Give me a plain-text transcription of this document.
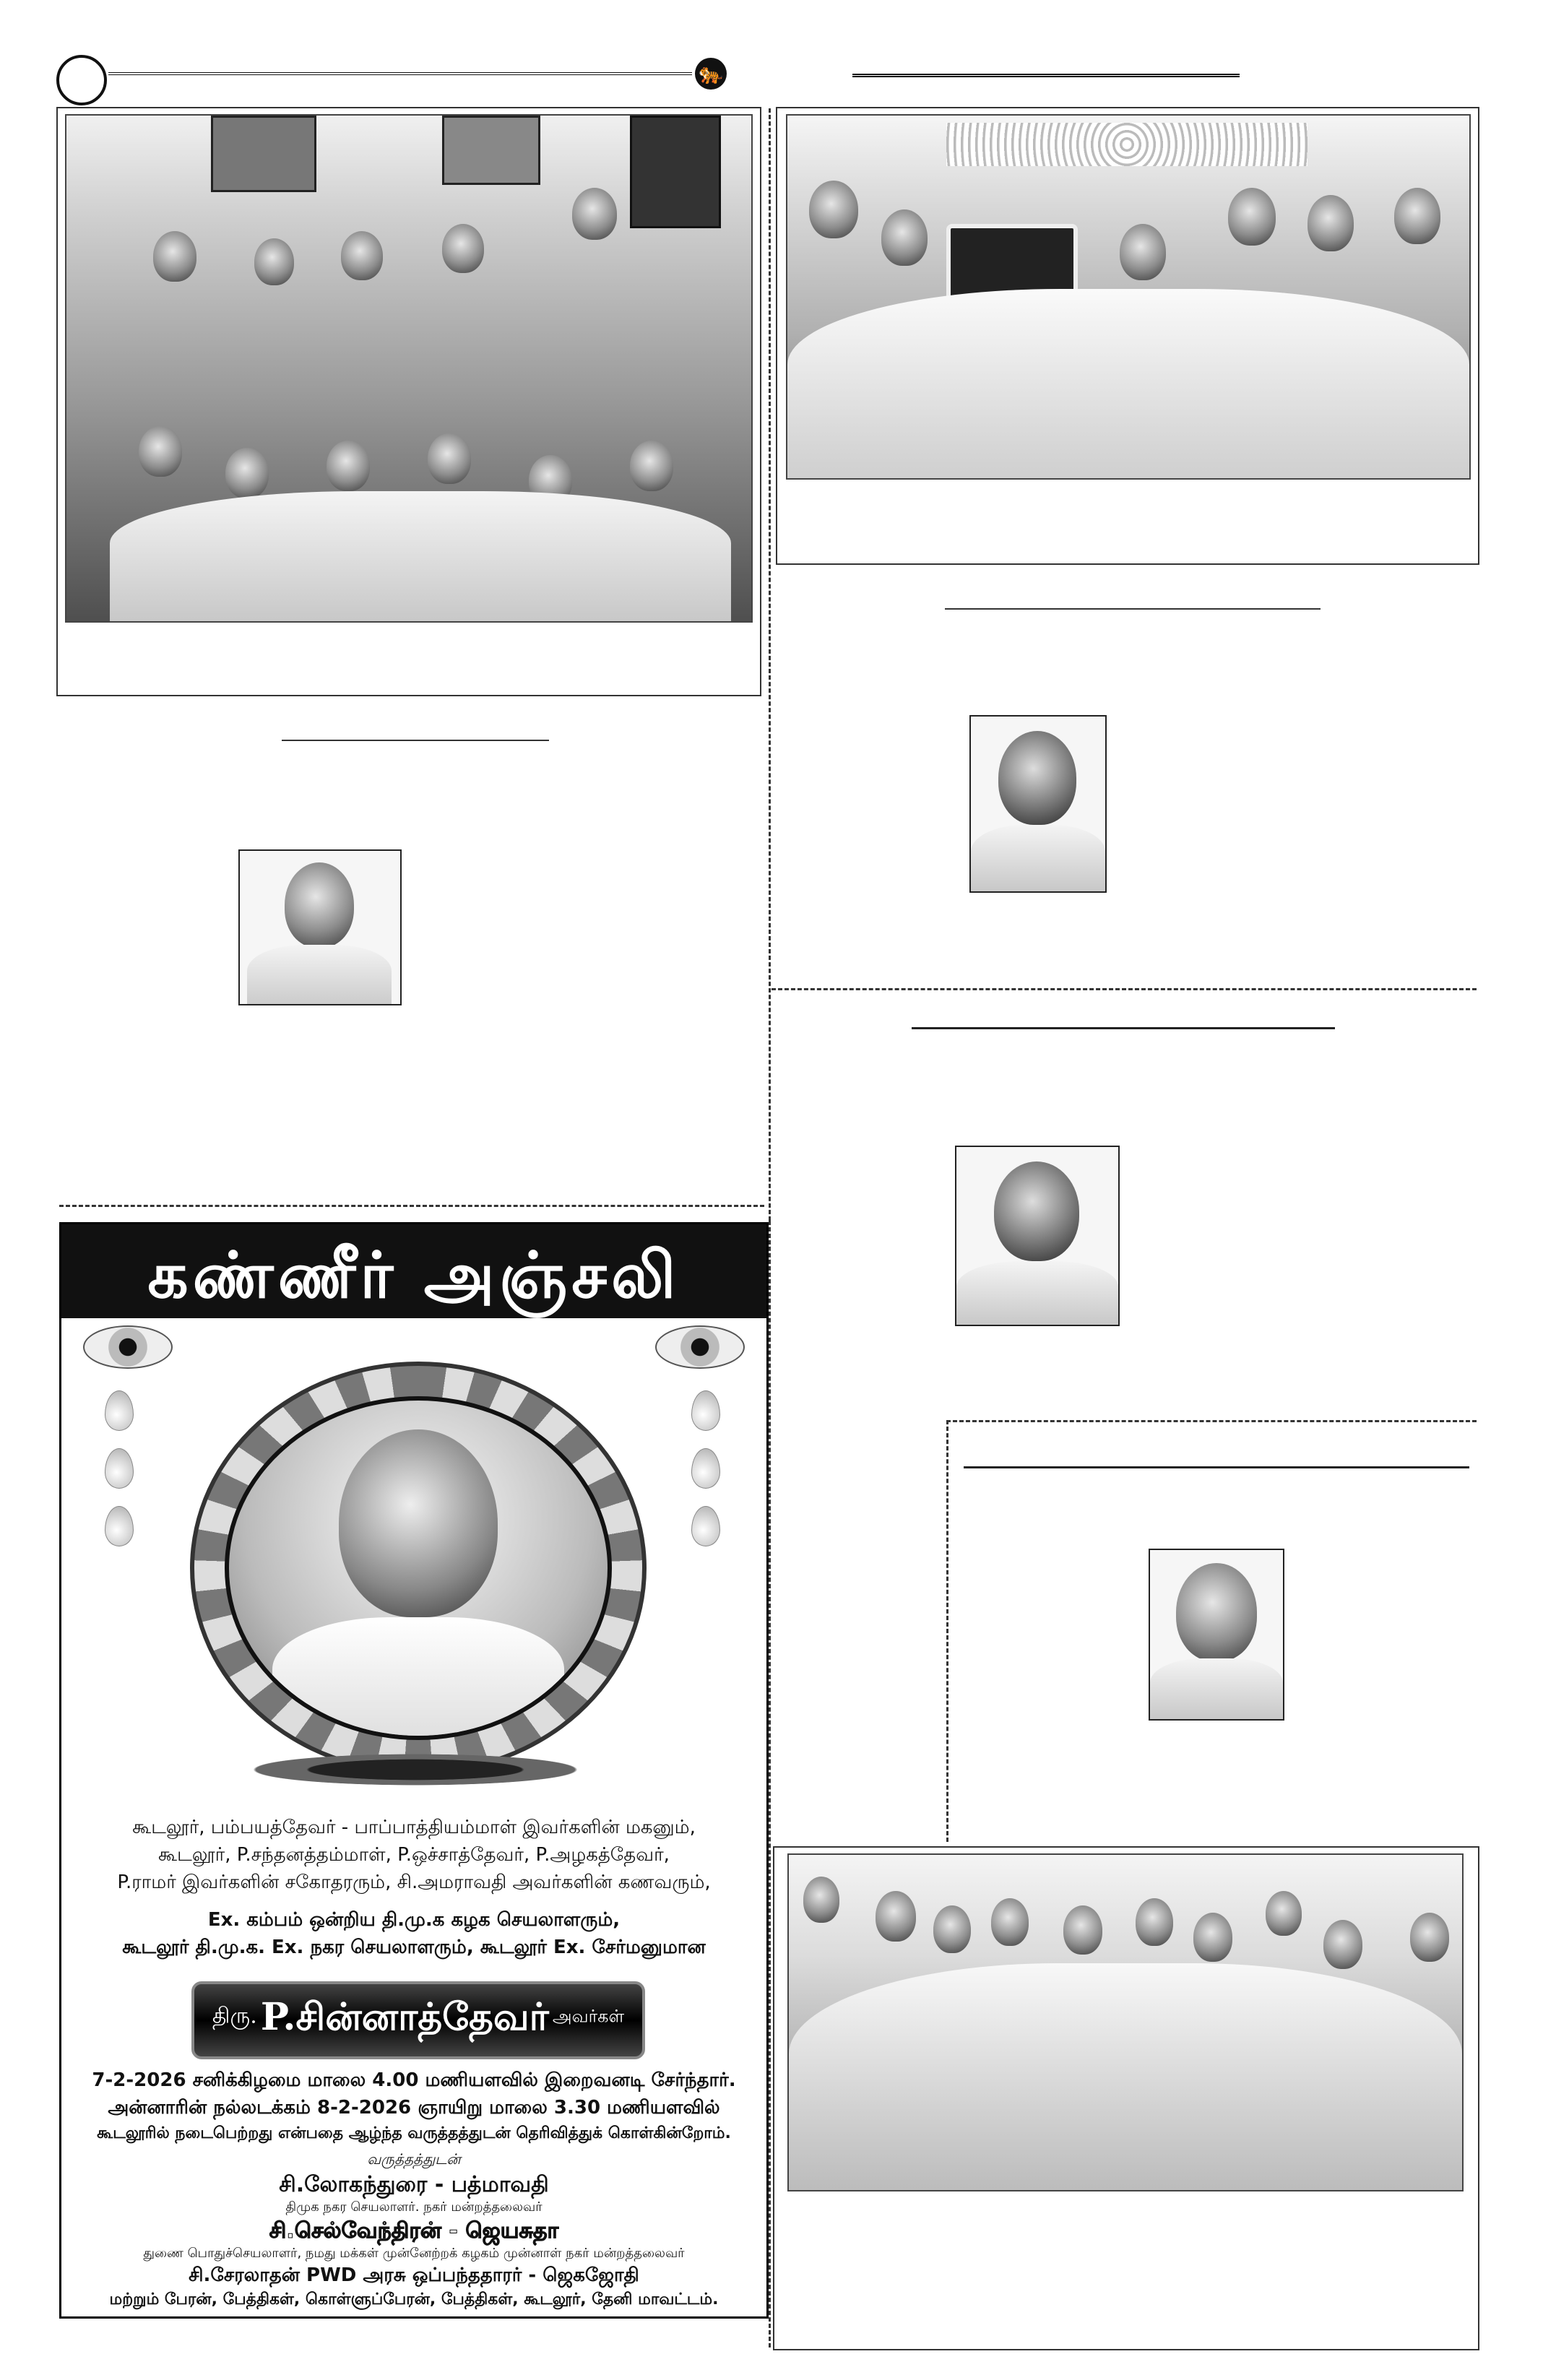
🐅
கண்ணீர் அஞ்சலி
கூடலூர், பம்பயத்தேவர் - பாப்பாத்தியம்மாள் இவர்களின் மகனும்,
கூடலூர், P.சந்தனத்தம்மாள், P.ஒச்சாத்தேவர், P.அழகத்தேவர்,
P.ராமர் இவர்களின் சகோதரரும், சி.அமராவதி அவர்களின் கணவரும்,
Ex. கம்பம் ஒன்றிய தி.மு.க கழக செயலாளரும்,
கூடலூர் தி.மு.க. Ex. நகர செயலாளரும், கூடலூர் Ex. சேர்மனுமான
திரு. P.சின்னாத்தேவர் அவர்கள்
7-2-2026 சனிக்கிழமை மாலை 4.00 மணியளவில் இறைவனடி சேர்ந்தார்.
அன்னாரின் நல்லடக்கம் 8-2-2026 ஞாயிறு மாலை 3.30 மணியளவில்
கூடலூரில் நடைபெற்றது என்பதை ஆழ்ந்த வருத்தத்துடன் தெரிவித்துக் கொள்கின்றோம்.
வருத்தத்துடன்
சி.லோகந்துரை - பத்மாவதி
திமுக நகர செயலாளர். நகர் மன்றத்தலைவர்
சி.செல்வேந்திரன் - ஜெயசுதா
துணை பொதுச்செயலாளர், நமது மக்கள் முன்னேற்றக் கழகம் முன்னாள் நகர் மன்றத்தலைவர்
சி.சேரலாதன் PWD அரசு ஒப்பந்ததாரர் - ஜெகஜோதி
மற்றும் பேரன், பேத்திகள், கொள்ளுப்பேரன், பேத்திகள், கூடலூர், தேனி மாவட்டம்.
